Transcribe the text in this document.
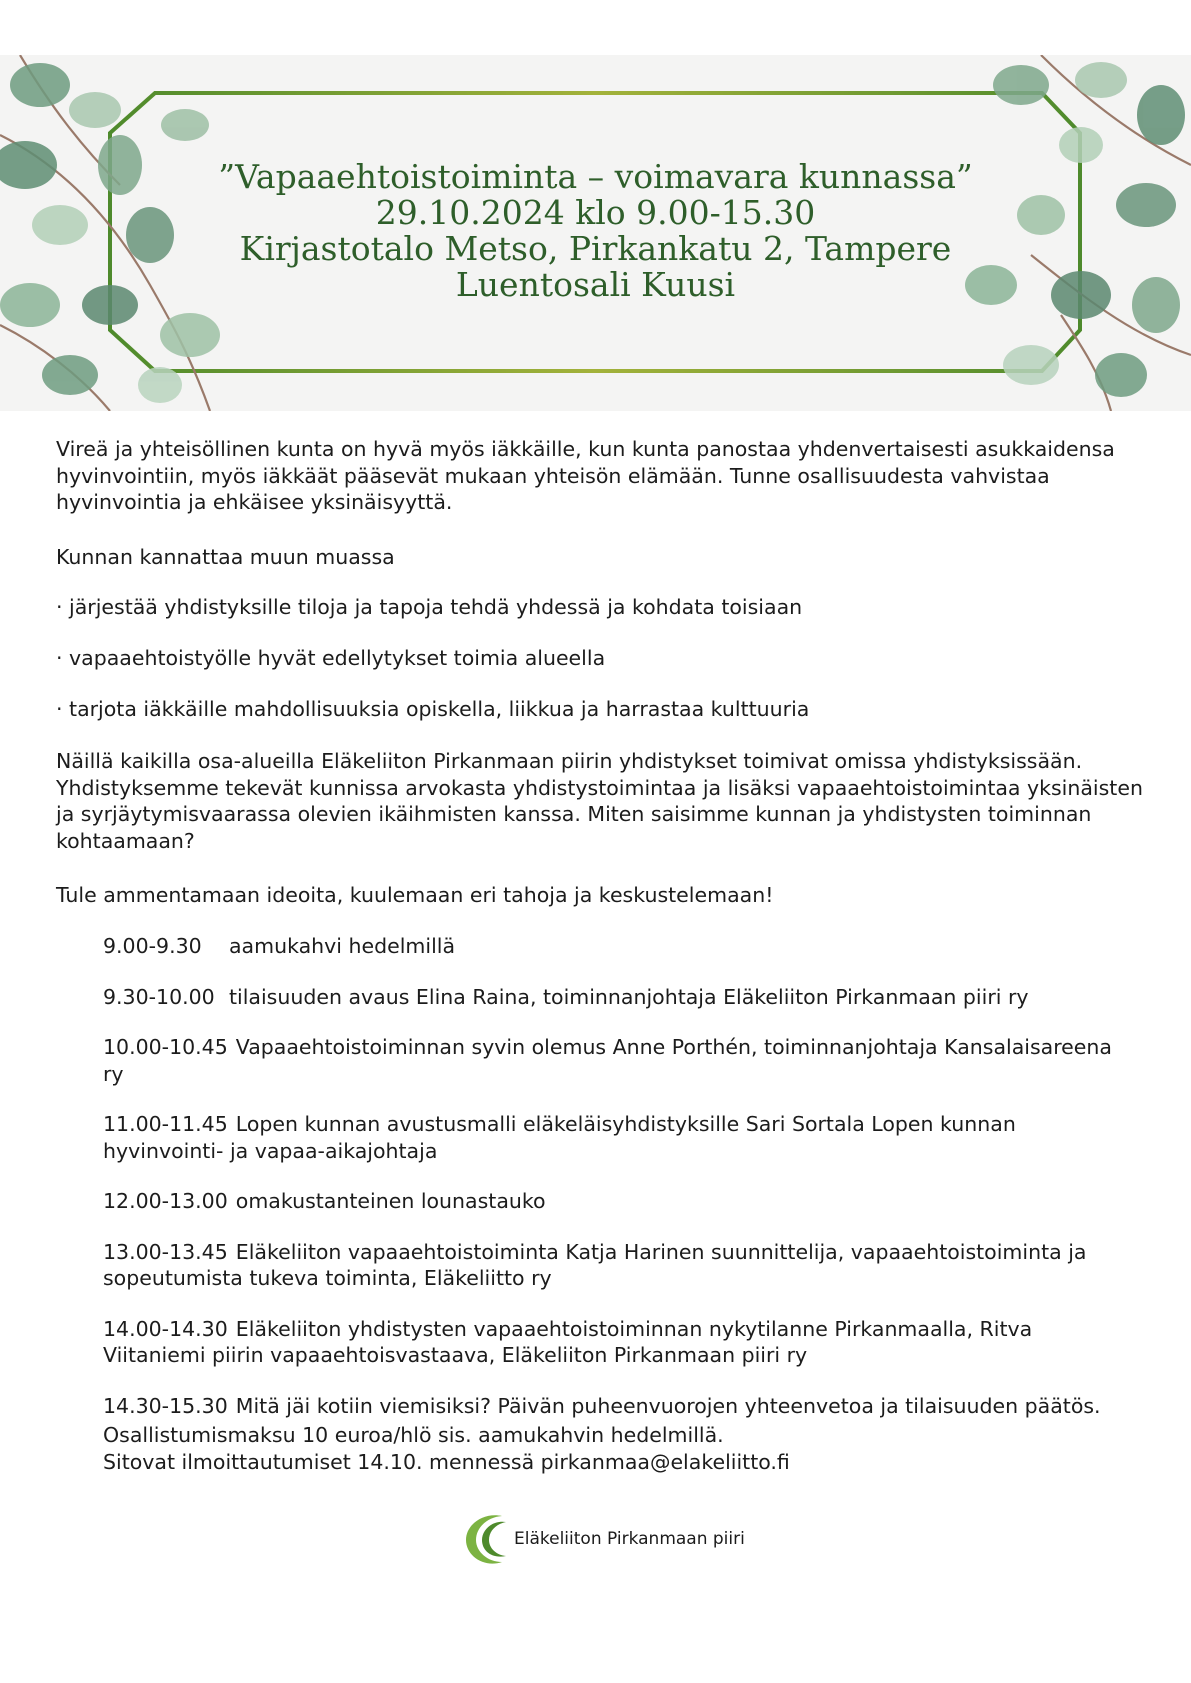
”Vapaaehtoistoiminta – voimavara kunnassa”
29.10.2024 klo 9.00-15.30
Kirjastotalo Metso, Pirkankatu 2, Tampere
Luentosali Kuusi

Vireä ja yhteisöllinen kunta on hyvä myös iäkkäille, kun kunta panostaa yhdenvertaisesti asukkaidensa hyvinvointiin, myös iäkkäät pääsevät mukaan yhteisön elämään. Tunne osallisuudesta vahvistaa hyvinvointia ja ehkäisee yksinäisyyttä.

Kunnan kannattaa muun muassa

· järjestää yhdistyksille tiloja ja tapoja tehdä yhdessä ja kohdata toisiaan
· vapaaehtoistyölle hyvät edellytykset toimia alueella
· tarjota iäkkäille mahdollisuuksia opiskella, liikkua ja harrastaa kulttuuria

Näillä kaikilla osa-alueilla Eläkeliiton Pirkanmaan piirin yhdistykset toimivat omissa yhdistyksissään. Yhdistyksemme tekevät kunnissa arvokasta yhdistystoimintaa ja lisäksi vapaaehtoistoimintaa yksinäisten ja syrjäytymisvaarassa olevien ikäihmisten kanssa. Miten saisimme kunnan ja yhdistysten toiminnan kohtaamaan?

Tule ammentamaan ideoita, kuulemaan eri tahoja ja keskustelemaan!

9.00-9.30 aamukahvi hedelmillä
9.30-10.00 tilaisuuden avaus Elina Raina, toiminnanjohtaja Eläkeliiton Pirkanmaan piiri ry
10.00-10.45 Vapaaehtoistoiminnan syvin olemus Anne Porthén, toiminnanjohtaja Kansalaisareena ry
11.00-11.45 Lopen kunnan avustusmalli eläkeläisyhdistyksille Sari Sortala Lopen kunnan hyvinvointi- ja vapaa-aikajohtaja
12.00-13.00 omakustanteinen lounastauko
13.00-13.45 Eläkeliiton vapaaehtoistoiminta Katja Harinen suunnittelija, vapaaehtoistoiminta ja sopeutumista tukeva toiminta, Eläkeliitto ry
14.00-14.30 Eläkeliiton yhdistysten vapaaehtoistoiminnan nykytilanne Pirkanmaalla, Ritva Viitaniemi piirin vapaaehtoisvastaava, Eläkeliiton Pirkanmaan piiri ry
14.30-15.30 Mitä jäi kotiin viemisiksi? Päivän puheenvuorojen yhteenvetoa ja tilaisuuden päätös.

Osallistumismaksu 10 euroa/hlö sis. aamukahvin hedelmillä.
Sitovat ilmoittautumiset 14.10. mennessä pirkanmaa@elakeliitto.fi

Eläkeliiton Pirkanmaan piiri
